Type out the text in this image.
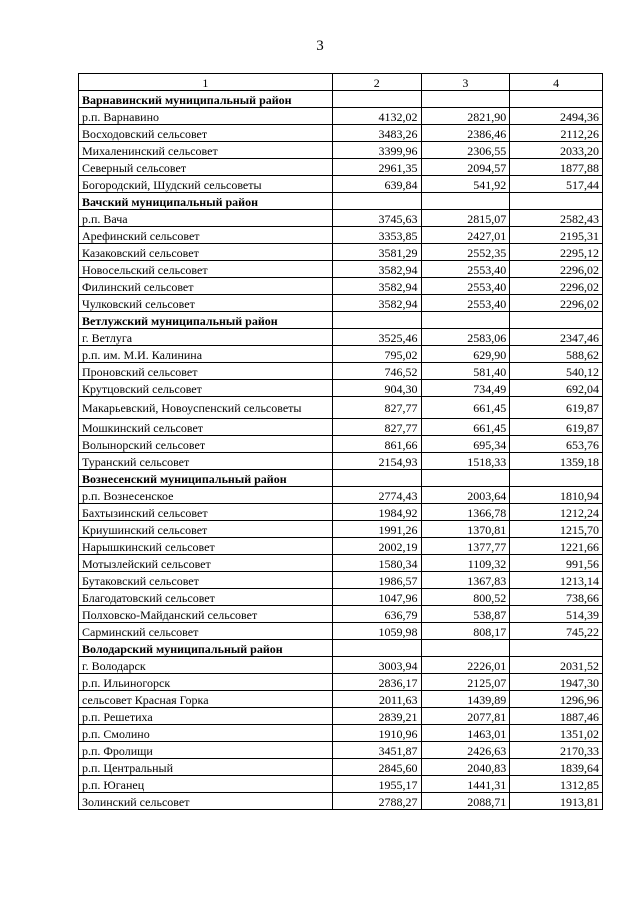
3
1	2	3	4
Варнавинский муниципальный район			
р.п. Варнавино	4132,02	2821,90	2494,36
Восходовский сельсовет	3483,26	2386,46	2112,26
Михаленинский сельсовет	3399,96	2306,55	2033,20
Северный сельсовет	2961,35	2094,57	1877,88
Богородский, Шудский сельсоветы	639,84	541,92	517,44
Вачский муниципальный район			
р.п. Вача	3745,63	2815,07	2582,43
Арефинский сельсовет	3353,85	2427,01	2195,31
Казаковский сельсовет	3581,29	2552,35	2295,12
Новосельский сельсовет	3582,94	2553,40	2296,02
Филинский сельсовет	3582,94	2553,40	2296,02
Чулковский сельсовет	3582,94	2553,40	2296,02
Ветлужский муниципальный район			
г. Ветлуга	3525,46	2583,06	2347,46
р.п. им. М.И. Калинина	795,02	629,90	588,62
Проновский сельсовет	746,52	581,40	540,12
Крутцовский сельсовет	904,30	734,49	692,04
Макарьевский, Новоуспенский сельсоветы	827,77	661,45	619,87
Мошкинский сельсовет	827,77	661,45	619,87
Волынорский сельсовет	861,66	695,34	653,76
Туранский сельсовет	2154,93	1518,33	1359,18
Вознесенский муниципальный район			
р.п. Вознесенское	2774,43	2003,64	1810,94
Бахтызинский сельсовет	1984,92	1366,78	1212,24
Криушинский сельсовет	1991,26	1370,81	1215,70
Нарышкинский сельсовет	2002,19	1377,77	1221,66
Мотызлейский сельсовет	1580,34	1109,32	991,56
Бутаковский сельсовет	1986,57	1367,83	1213,14
Благодатовский сельсовет	1047,96	800,52	738,66
Полховско-Майданский сельсовет	636,79	538,87	514,39
Сарминский сельсовет	1059,98	808,17	745,22
Володарский муниципальный район			
г. Володарск	3003,94	2226,01	2031,52
р.п. Ильиногорск	2836,17	2125,07	1947,30
сельсовет Красная Горка	2011,63	1439,89	1296,96
р.п. Решетиха	2839,21	2077,81	1887,46
р.п. Смолино	1910,96	1463,01	1351,02
р.п. Фролищи	3451,87	2426,63	2170,33
р.п. Центральный	2845,60	2040,83	1839,64
р.п. Юганец	1955,17	1441,31	1312,85
Золинский сельсовет	2788,27	2088,71	1913,81
